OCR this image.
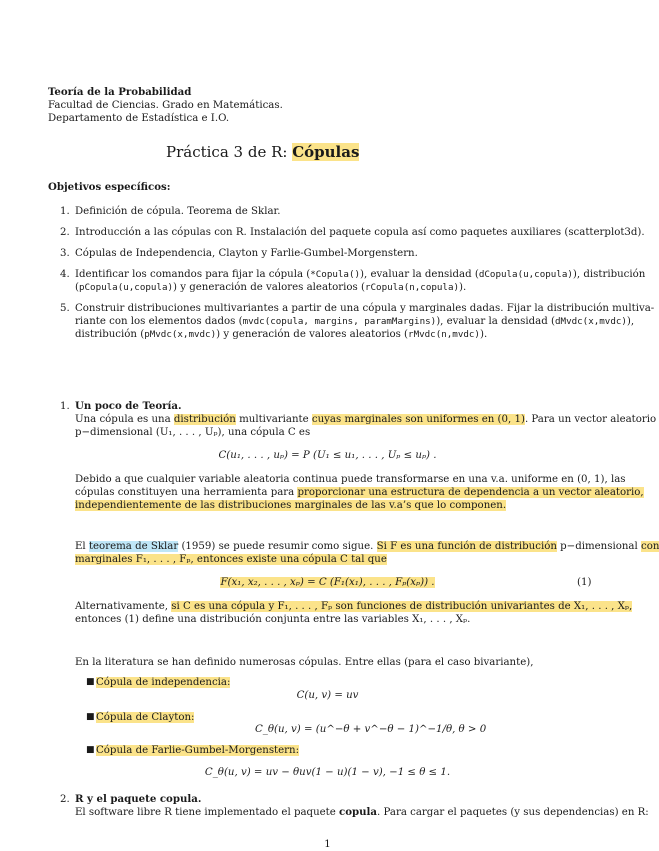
Teoría de la Probabilidad
Facultad de Ciencias. Grado en Matemáticas.
Departamento de Estadística e I.O.
Práctica 3 de R: Cópulas
Objetivos específicos:
1. Definición de cópula. Teorema de Sklar.
2. Introducción a las cópulas con R. Instalación del paquete copula así como paquetes auxiliares (scatterplot3d).
3. Cópulas de Independencia, Clayton y Farlie-Gumbel-Morgenstern.
4. Identificar los comandos para fijar la cópula (*Copula()), evaluar la densidad (dCopula(u,copula)), distribución
(pCopula(u,copula)) y generación de valores aleatorios (rCopula(n,copula)).
5. Construir distribuciones multivariantes a partir de una cópula y marginales dadas. Fijar la distribución multiva-
riante con los elementos dados (mvdc(copula, margins, paramMargins)), evaluar la densidad (dMvdc(x,mvdc)),
distribución (pMvdc(x,mvdc)) y generación de valores aleatorios (rMvdc(n,mvdc)).
1. Un poco de Teoría.
Una cópula es una distribución multivariante cuyas marginales son uniformes en (0, 1). Para un vector aleatorio
p−dimensional (U₁, . . . , Uₚ), una cópula C es
C(u₁, . . . , uₚ) = P (U₁ ≤ u₁, . . . , Uₚ ≤ uₚ) .
Debido a que cualquier variable aleatoria continua puede transformarse en una v.a. uniforme en (0, 1), las
cópulas constituyen una herramienta para proporcionar una estructura de dependencia a un vector aleatorio,
independientemente de las distribuciones marginales de las v.a’s que lo componen.
El teorema de Sklar (1959) se puede resumir como sigue. Si F es una función de distribución p−dimensional con
marginales F₁, . . . , Fₚ, entonces existe una cópula C tal que
F(x₁, x₂, . . . , xₚ) = C (F₁(x₁), . . . , Fₚ(xₚ)) .	(1)
Alternativamente, si C es una cópula y F₁, . . . , Fₚ son funciones de distribución univariantes de X₁, . . . , Xₚ,
entonces (1) define una distribución conjunta entre las variables X₁, . . . , Xₚ.
En la literatura se han definido numerosas cópulas. Entre ellas (para el caso bivariante),
■ Cópula de independencia:
C(u, v) = uv
■ Cópula de Clayton:
C_θ(u, v) = (u^−θ + v^−θ − 1)^−1/θ, θ > 0
■ Cópula de Farlie-Gumbel-Morgenstern:
C_θ(u, v) = uv − θuv(1 − u)(1 − v), −1 ≤ θ ≤ 1.
2. R y el paquete copula.
El software libre R tiene implementado el paquete copula. Para cargar el paquetes (y sus dependencias) en R:
1
